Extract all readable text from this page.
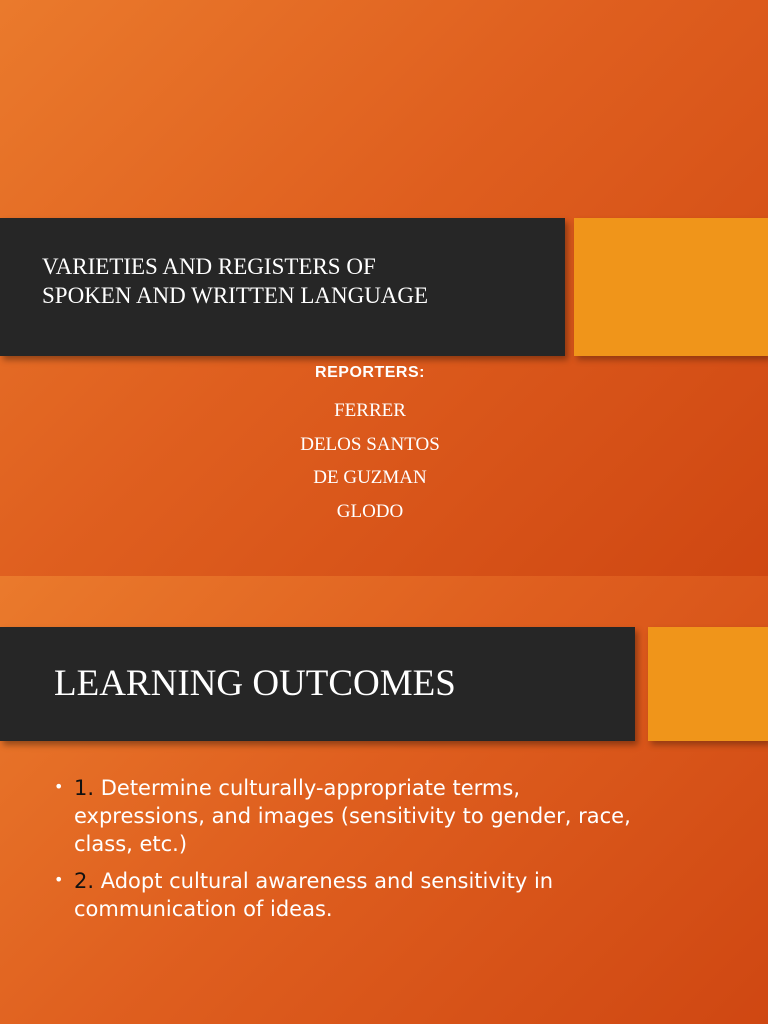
VARIETIES AND REGISTERS OF
SPOKEN AND WRITTEN LANGUAGE
REPORTERS:
FERRER
DELOS SANTOS
DE GUZMAN
GLODO
LEARNING OUTCOMES
• 1. Determine culturally-appropriate terms, expressions, and images (sensitivity to gender, race, class, etc.)
• 2. Adopt cultural awareness and sensitivity in communication of ideas.
